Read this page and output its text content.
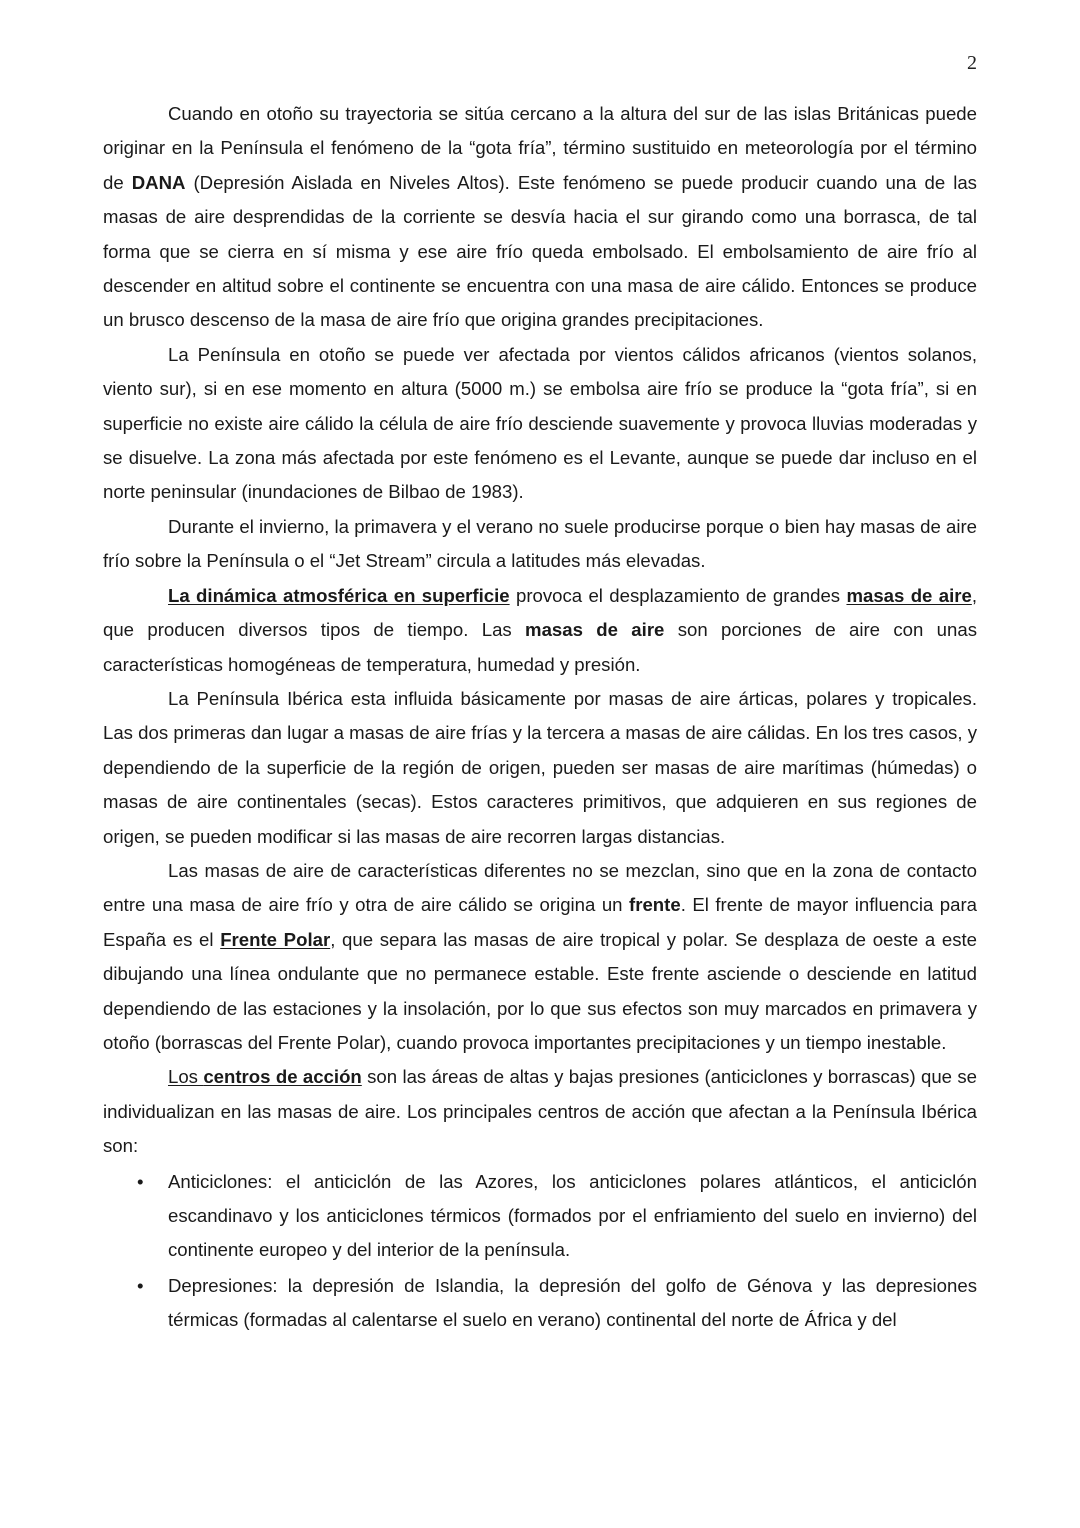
2

Cuando en otoño su trayectoria se sitúa cercano a la altura del sur de las islas Británicas puede originar en la Península el fenómeno de la “gota fría”, término sustituido en meteorología por el término de DANA (Depresión Aislada en Niveles Altos). Este fenómeno se puede producir cuando una de las masas de aire desprendidas de la corriente se desvía hacia el sur girando como una borrasca, de tal forma que se cierra en sí misma y ese aire frío queda embolsado. El embolsamiento de aire frío al descender en altitud sobre el continente se encuentra con una masa de aire cálido. Entonces se produce un brusco descenso de la masa de aire frío que origina grandes precipitaciones.

La Península en otoño se puede ver afectada por vientos cálidos africanos (vientos solanos, viento sur), si en ese momento en altura (5000 m.) se embolsa aire frío se produce la “gota fría”, si en superficie no existe aire cálido la célula de aire frío desciende suavemente y provoca lluvias moderadas y se disuelve. La zona más afectada por este fenómeno es el Levante, aunque se puede dar incluso en el norte peninsular (inundaciones de Bilbao de 1983).

Durante el invierno, la primavera y el verano no suele producirse porque o bien hay masas de aire frío sobre la Península o el “Jet Stream” circula a latitudes más elevadas.

La dinámica atmosférica en superficie provoca el desplazamiento de grandes masas de aire, que producen diversos tipos de tiempo. Las masas de aire son porciones de aire con unas características homogéneas de temperatura, humedad y presión.

La Península Ibérica esta influida básicamente por masas de aire árticas, polares y tropicales. Las dos primeras dan lugar a masas de aire frías y la tercera a masas de aire cálidas. En los tres casos, y dependiendo de la superficie de la región de origen, pueden ser masas de aire marítimas (húmedas) o masas de aire continentales (secas). Estos caracteres primitivos, que adquieren en sus regiones de origen, se pueden modificar si las masas de aire recorren largas distancias.

Las masas de aire de características diferentes no se mezclan, sino que en la zona de contacto entre una masa de aire frío y otra de aire cálido se origina un frente. El frente de mayor influencia para España es el Frente Polar, que separa las masas de aire tropical y polar. Se desplaza de oeste a este dibujando una línea ondulante que no permanece estable. Este frente asciende o desciende en latitud dependiendo de las estaciones y la insolación, por lo que sus efectos son muy marcados en primavera y otoño (borrascas del Frente Polar), cuando provoca importantes precipitaciones y un tiempo inestable.

Los centros de acción son las áreas de altas y bajas presiones (anticiclones y borrascas) que se individualizan en las masas de aire. Los principales centros de acción que afectan a la Península Ibérica son:

• Anticiclones: el anticiclón de las Azores, los anticiclones polares atlánticos, el anticiclón escandinavo y los anticiclones térmicos (formados por el enfriamiento del suelo en invierno) del continente europeo y del interior de la península.
• Depresiones: la depresión de Islandia, la depresión del golfo de Génova y las depresiones térmicas (formadas al calentarse el suelo en verano) continental del norte de África y del
